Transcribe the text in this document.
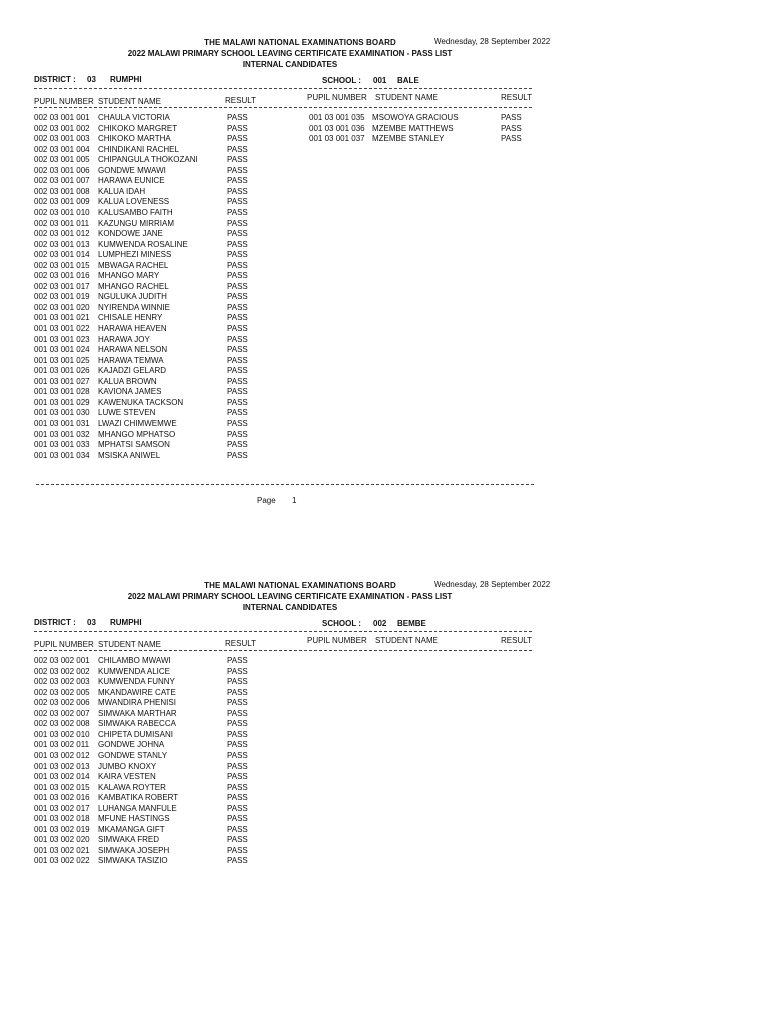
THE MALAWI NATIONAL EXAMINATIONS BOARD	Wednesday, 28 September 2022
2022 MALAWI PRIMARY SCHOOL LEAVING CERTIFICATE EXAMINATION - PASS LIST
INTERNAL CANDIDATES
DISTRICT : 03 RUMPHI	SCHOOL : 001 BALE
PUPIL NUMBER STUDENT NAME	RESULT	PUPIL NUMBER STUDENT NAME	RESULT
002 03 001 001 CHAULA VICTORIA	PASS
002 03 001 002 CHIKOKO MARGRET	PASS
002 03 001 003 CHIKOKO MARTHA	PASS
002 03 001 004 CHINDIKANI RACHEL	PASS
002 03 001 005 CHIPANGULA THOKOZANI	PASS
002 03 001 006 GONDWE MWAWI	PASS
002 03 001 007 HARAWA EUNICE	PASS
002 03 001 008 KALUA IDAH	PASS
002 03 001 009 KALUA LOVENESS	PASS
002 03 001 010 KALUSAMBO FAITH	PASS
002 03 001 011 KAZUNGU MIRRIAM	PASS
002 03 001 012 KONDOWE JANE	PASS
002 03 001 013 KUMWENDA ROSALINE	PASS
002 03 001 014 LUMPHEZI MINESS	PASS
002 03 001 015 MBWAGA RACHEL	PASS
002 03 001 016 MHANGO MARY	PASS
002 03 001 017 MHANGO RACHEL	PASS
002 03 001 019 NGULUKA JUDITH	PASS
002 03 001 020 NYIRENDA WINNIE	PASS
001 03 001 021 CHISALE HENRY	PASS
001 03 001 022 HARAWA HEAVEN	PASS
001 03 001 023 HARAWA JOY	PASS
001 03 001 024 HARAWA NELSON	PASS
001 03 001 025 HARAWA TEMWA	PASS
001 03 001 026 KAJADZI GELARD	PASS
001 03 001 027 KALUA BROWN	PASS
001 03 001 028 KAVIONA JAMES	PASS
001 03 001 029 KAWENUKA TACKSON	PASS
001 03 001 030 LUWE STEVEN	PASS
001 03 001 031 LWAZI CHIMWEMWE	PASS
001 03 001 032 MHANGO MPHATSO	PASS
001 03 001 033 MPHATSI SAMSON	PASS
001 03 001 034 MSISKA ANIWEL	PASS
001 03 001 035 MSOWOYA GRACIOUS	PASS
001 03 001 036 MZEMBE MATTHEWS	PASS
001 03 001 037 MZEMBE STANLEY	PASS
Page 1
THE MALAWI NATIONAL EXAMINATIONS BOARD	Wednesday, 28 September 2022
2022 MALAWI PRIMARY SCHOOL LEAVING CERTIFICATE EXAMINATION - PASS LIST
INTERNAL CANDIDATES
DISTRICT : 03 RUMPHI	SCHOOL : 002 BEMBE
PUPIL NUMBER STUDENT NAME	RESULT	PUPIL NUMBER STUDENT NAME	RESULT
002 03 002 001 CHILAMBO MWAWI	PASS
002 03 002 002 KUMWENDA ALICE	PASS
002 03 002 003 KUMWENDA FUNNY	PASS
002 03 002 005 MKANDAWIRE CATE	PASS
002 03 002 006 MWANDIRA PHENISI	PASS
002 03 002 007 SIMWAKA MARTHAR	PASS
002 03 002 008 SIMWAKA RABECCA	PASS
001 03 002 010 CHIPETA DUMISANI	PASS
001 03 002 011 GONDWE JOHNA	PASS
001 03 002 012 GONDWE STANLY	PASS
001 03 002 013 JUMBO KNOXY	PASS
001 03 002 014 KAIRA VESTEN	PASS
001 03 002 015 KALAWA ROYTER	PASS
001 03 002 016 KAMBATIKA ROBERT	PASS
001 03 002 017 LUHANGA MANFULE	PASS
001 03 002 018 MFUNE HASTINGS	PASS
001 03 002 019 MKAMANGA GIFT	PASS
001 03 002 020 SIMWAKA FRED	PASS
001 03 002 021 SIMWAKA JOSEPH	PASS
001 03 002 022 SIMWAKA TASIZIO	PASS
